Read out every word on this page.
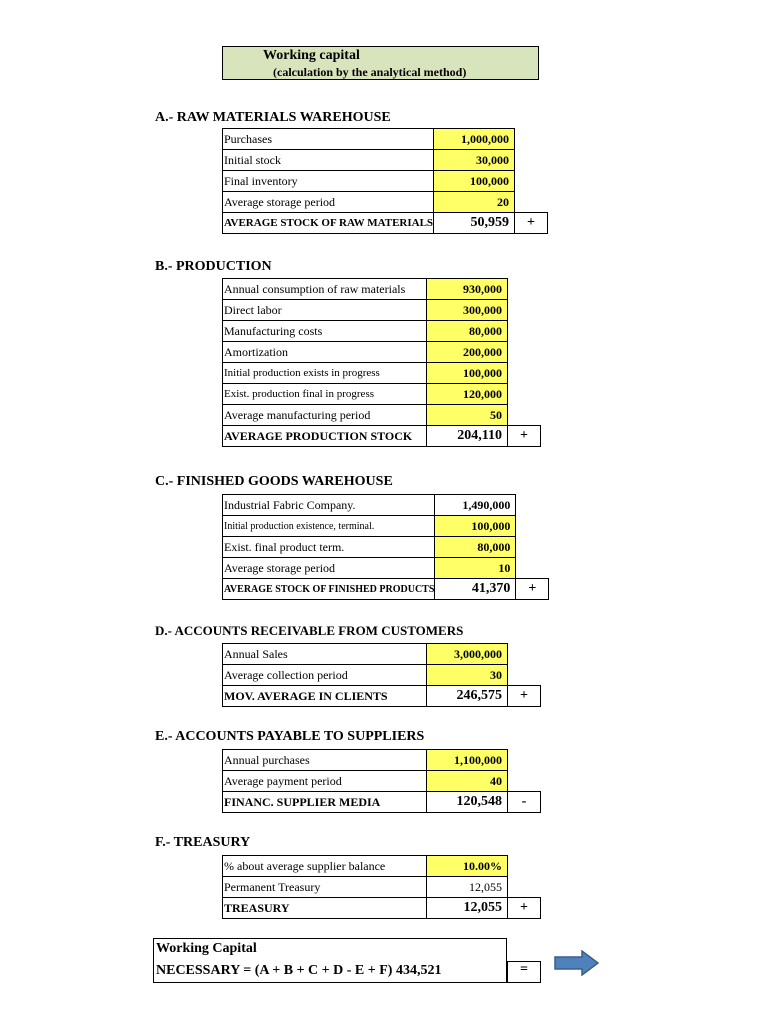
Working capital
(calculation by the analytical method)
A.- RAW MATERIALS WAREHOUSE
Purchases	1,000,000	
Initial stock	30,000	
Final inventory	100,000	
Average storage period	20	
AVERAGE STOCK OF RAW MATERIALS	50,959	+
B.- PRODUCTION
Annual consumption of raw materials	930,000	
Direct labor	300,000	
Manufacturing costs	80,000	
Amortization	200,000	
Initial production exists in progress	100,000	
Exist. production final in progress	120,000	
Average manufacturing period	50	
AVERAGE PRODUCTION STOCK	204,110	+
C.- FINISHED GOODS WAREHOUSE
Industrial Fabric Company.	1,490,000	
Initial production existence, terminal.	100,000	
Exist. final product term.	80,000	
Average storage period	10	
AVERAGE STOCK OF FINISHED PRODUCTS	41,370	+
D.- ACCOUNTS RECEIVABLE FROM CUSTOMERS
Annual Sales	3,000,000	
Average collection period	30	
MOV. AVERAGE IN CLIENTS	246,575	+
E.- ACCOUNTS PAYABLE TO SUPPLIERS
Annual purchases	1,100,000	
Average payment period	40	
FINANC. SUPPLIER MEDIA	120,548	-
F.- TREASURY
% about average supplier balance	10.00%	
Permanent Treasury	12,055	
TREASURY	12,055	+
Working Capital
NECESSARY = (A + B + C + D - E + F) 434,521	=
